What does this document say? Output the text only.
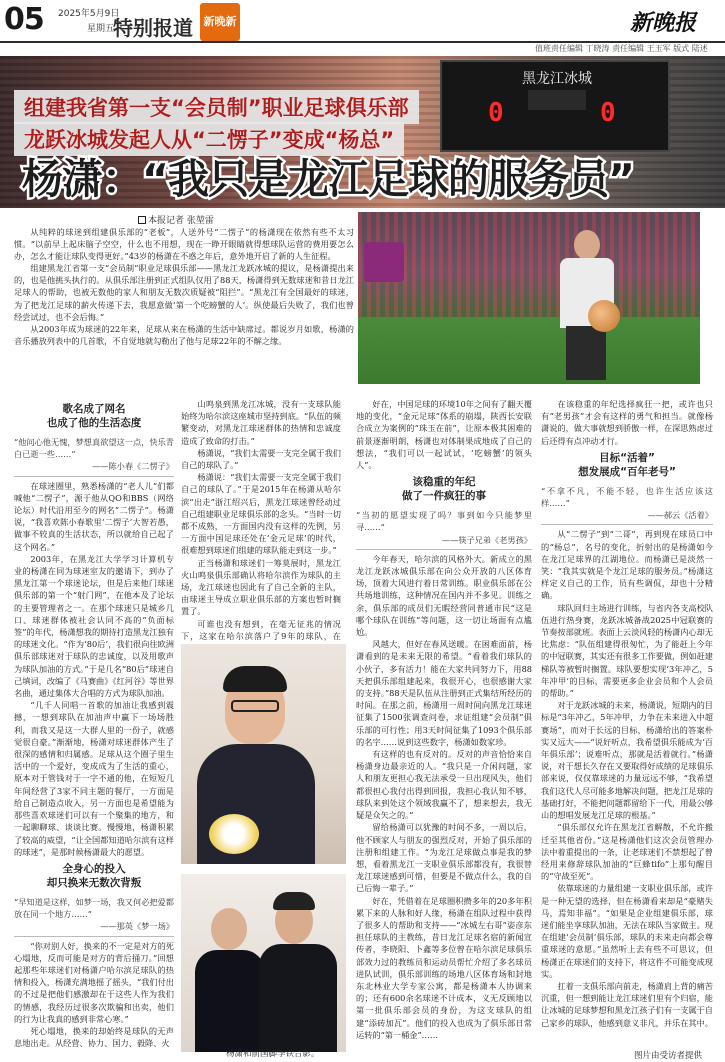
05 2025年5月9日
星期五
特别报道 新晚新	新晚报
值班责任编辑 丁晓涛 责任编辑 王玉军 版式 陆述
黑龙江冰城
0	0
组建我省第一支“会员制”职业足球俱乐部
龙跃冰城发起人从“二愣子”变成“杨总”
杨潇：“我只是龙江足球的服务员”
本报记者 张堃雷

从纯粹的球迷到组建俱乐部的“老板”，人送外号“二愣子”的杨潇现在依然有些不太习惯。“以前早上起床脑子空空，什么也不用想，现在一睁开眼睛就得想球队运营的费用要怎么办，怎么才能让球队变得更好。”43岁的杨潇在不惑之年后，意外地开启了新的人生征程。

组建黑龙江省第一支“会员制”职业足球俱乐部——黑龙江龙跃冰城的提议，是杨潇提出来的，也是他挑头执行的。从俱乐部注册到正式组队仅用了88天，杨潇得到无数球迷和昔日龙江足球人的帮助，也被无数他的家人和朋友无数次质疑被“阻拦”。“黑龙江有全国最好的球迷，为了把龙江足球的薪火传递下去，我愿意做‘第一个吃螃蟹的人’。纵使最后失败了，我们也曾经尝试过，也不会后悔。”

从2003年成为球迷的22年来，足球从来在杨潇的生活中缺席过。都说岁月如歌，杨潇的音乐播放列表中的几首歌，不自觉地就勾勒出了他与足球22年的不解之缘。

歌名成了网名
也成了他的生活态度

“他问心他无愧，梦想真欲望这一点，快乐青白已逝一些……”

——陈小春《二愣子》

在球迷圈里，熟悉杨潇的“老人儿”们都喊他“二愣子”，源于他从QO和BBS（网络论坛）时代沿用至今的网名“二愣子”。杨潇说，“我喜欢陈小春歌里‘二愣子’大智若愚，做事不较真的生活状态，所以就给自己起了这个网名。”

2003年，在黑龙江大学学习计算机专业的杨潇在同为球迷室友的邀请下，到办了黑龙江第一个球迷论坛，但是后来他门球迷俱乐部的第一个“射门网”，在他本及了论坛的主要管理者之一。在那个球迷只是城乡几口、球迷群体被社会认同不高的“负面标签”的年代，杨潇想我的期待打造黑龙江独有的球迷文化。“作为‘80后’，我们很向往欧洲俱乐部球迷对于球队的忠诚度，以及用歌声为球队加油的方式。”于是几名“80后”球迷自己填词，改编了《马赛曲》《红河谷》等世界名曲，通过集体大合唱的方式为球队加油。

“几千人同唱一首歌的加油让我感到震撼，一想到球队在加油声中赢下一场场胜利，而我又是这一大群人里的一份子，就感觉很自豪。”渐渐地，杨潇对球迷群体产生了很深的感情和归属感。足球从这个圈子里生活中的一个爱好，变成成为了生活的重心，原本对于管钱对于一字不通的他，在短短几年间经营了3家不同主题的餐厅，一方面是给自己制造点收入，另一方面也是希望能为那些喜欢球迷们可以有一个聚集的地方，和一起聊聊球、谈谈比赛。慢慢地，杨潇积累了较高的威望，“让全国都知道哈尔滨有这样的球迷”，是那时候杨潇最大的愿望。

全身心的投入
却只换来无数次背叛

“早知道是这样，如梦一场，我又何必把爱都放在同一个地方……”

——那英《梦一场》

“你对别人好，换来的不一定是对方的死心塌地，反而可能是对方的背后捅刀。”回想起那些年球迷们对杨潇户哈尔滨足球队的热情和投入，杨潇充满地摇了摇头，“我们付出的不过是把他们感激却在于这些人作为我们的情感，我经历过很多次欺骗和出卖，他们的行为让我真的感到非常心寒。”

死心塌地，换来的却始终是球队的无声息地出走。从经营、协力、国力、毅降、火

山鸣泉到黑龙江冰城，没有一支球队能始终为哈尔滨这座城市坚持到底。“队伍的频繁变动，对黑龙江球迷群体的热情和忠诚度造成了致命的打击。”

杨潇说，“我们太需要一支完全属于我们自己的球队了。”

杨潇说：“我们太需要一支完全属于我们自己的球队了。”于是2015年在杨潇从哈尔滨“出走”浙江绍兴后，黑龙江球迷曾经动过自己组建职业足球俱乐部的念头。“当时一切都不成熟，一方面国内没有这样的先例，另一方面中国足球还处在‘金元足球’的时代，很难想到球迷们组建的球队能走到这一步。”

正当杨潇和球迷们一筹莫展时，黑龙江火山鸣泉俱乐部确认将哈尔滨作为球队的主场，龙江球迷也因此有了自己全新的主队，由球迷主导成立职业俱乐部的方案也暂时搁置了。

可谁也没有想到，在毫无征兆的情况下，这家在哈尔滨落户了9年的球队，在

好在，中国足球的环境10年之间有了翻天覆地的变化，“金元足球”体系的崩塌，陕西长安联合成立为案例的“珠玉在前”，让原本极其困难的前景逐渐明朗，杨潇也对体制果成地成了自己的想法，“我们可以一起试试，‘吃螃蟹’的领头人”。

该稳重的年纪
做了一件疯狂的事

“当初的愿望实现了吗？事到如今只能梦里寻……”

——筷子兄弟《老男孩》

今年春天，哈尔滨的风格外大。新成立的黑龙江龙跃冰城俱乐部在向公众开放的八区体育场，顶着大风进行着日常训练。职业俱乐部在公共场地训练，这种情况在国内并不多见。训练之余，俱乐部的成员们无暇经营同普通市民“这是哪个球队在训练”等问题，这一切让场面有点尴尬。

风越大，但好在春风送暖。在困难面前，杨潇看到的是未来无限的希望。“看着我们球队的小伙子，多有活力！能在大家共同努力下，用88天把俱乐部组建起来，我很开心，也很感谢大家的支持。”88天是队伍从注册到正式集结所经历的时间。在那之前，杨潇用一周时间向黑龙江球迷征集了1500张调查问卷，求证组建“会员制”俱乐部的可行性；用3天时间征集了1093个俱乐部的名字……说到这些数字，杨潇如数家珍。

有这样的也有反对的。反对的声音恰恰来自杨潇身边最亲近的人。“我只是一介闲问题，家人和朋友更担心我无法承受一旦出现风失，他们都很担心我付出得到回报，我担心我认知不够，球队来到处这个领域我赢不了，想来想去，我无疑是众矢之的。”

留给杨潇可以犹豫的时间不多，一周以后，他不顾家人与朋友的强烈反对，开始了俱乐部的注册和组建工作。“为龙江足球做点事是我的梦想，看着黑龙江一支职业俱乐部都没有，我很替龙江球迷感到可惜，但要是不做点什么，我的自已后悔一辈子。”

好在，凭借着在足球圈积攒多年的20多年积累下来的人脉和好人缘，杨潇在组队过程中获得了很多人的帮助和支持——“冰城左右哥”姿彦东担任球队的主教练，昔日龙江足球名宿的新闻宣传者，李晓阳、卜鑫等多位曾在哈尔滨足球俱乐部效力过的教练员和运动员帮忙介绍了多名球员进队试训，俱乐部训练的场地八区体育场和封地东北林业大学专家公寓，都是杨潇本人协调来的；还有600余名球迷不计成本，义无反顾地以第一批俱乐部会员的身份，为这支球队的组建“添砖加瓦”。他们的投入也成为了俱乐部日常运转的“第一桶金”……

在该稳重的年纪选择疯狂一把，或许也只有“老男孩”才会有这样的勇气和担当。就像杨潇说的，做大事就想到骄傲一样，在深思熟虑过后还得有点冲动才行。

目标“活着”
想发展成“百年老号”

“不拿不凡，不能不轻，也许生活应该这样……”

——郝云《活着》

从“二愣子”到“二哥”，再到现在球员口中的“杨总”，名号的变化，折射出的是杨潇如今在龙江足球界的江湖地位。而杨潇已是淡然一笑：“我其实就是个龙江足球的服务员。”杨潇这样定义自己的工作，员有些调侃，却也十分精确。

球队回归主场进行训练，与省内各支高校队伍进行热身赛，龙跃冰城备战2025中冠联赛的节奏按部就班。表面上云淡风轻的杨潇内心却无比焦虑：“队伍组建得很匆忙，为了能赶上今年的中冠联赛，其实还有很多工作要做，例如赶建梯队等被暂时搁置。球队要想实现‘3年冲乙，5年冲甲’的目标，需要更多企业会员和个人会员的帮助。”

对于龙跃冰城的未来，杨潇说，短期内的目标是“3年冲乙，5年冲甲，力争在未来进入中超赛场”，而对于长远的目标，杨潇给出的答案朴实又远大——“说好听点，我希望俱乐能成为‘百年俱乐部’；说难听点，那就是活着就行。”杨潇说，对于想长久存在又要取得好成绩的足球俱乐部来说，仅仅靠球迷的力量远远不够，“我希望我们这代人尽可能多地解决问题，把龙江足球的基础打好，不能把问题都留给下一代，用最公够山的想唱发展龙江足球的根基。”

“俱乐部仅允许在黑龙江省解散，不允许搬迁至其他省份。”这是杨潇他们这次会员管理办法中着重提出的一条，让老球迷们不禁想起了曾经用来修辞球队加油的“巨蜂tifo”上那句醒目的“守战至死”。

依靠球迷的力量组建一支职业俱乐部，或许是一种无望的选择，但在杨潇看来却是“豪赌失马，焉知非福”。“如果是企业组建俱乐部，球迷们能坐享球队加油，无法在球队当家做主。现在组建‘会员制’俱乐部，球队的未来走向都会尊重球迷的意愿。”虽然听上去有些不可思议，但杨潇正在球迷们的支持下，将这件不可能变成现实。

扛着一支俱乐部向前走，杨潇肩上背的痛苦沉重，但一想到能让龙江球迷们里有个归宿，能让冰城的足球梦想和黑龙江孩子们有一支属于自己家乡的球队，他感到意义非凡，并乐在其中。

杨潇和前国脚李铁合影。	图片由受访者提供
